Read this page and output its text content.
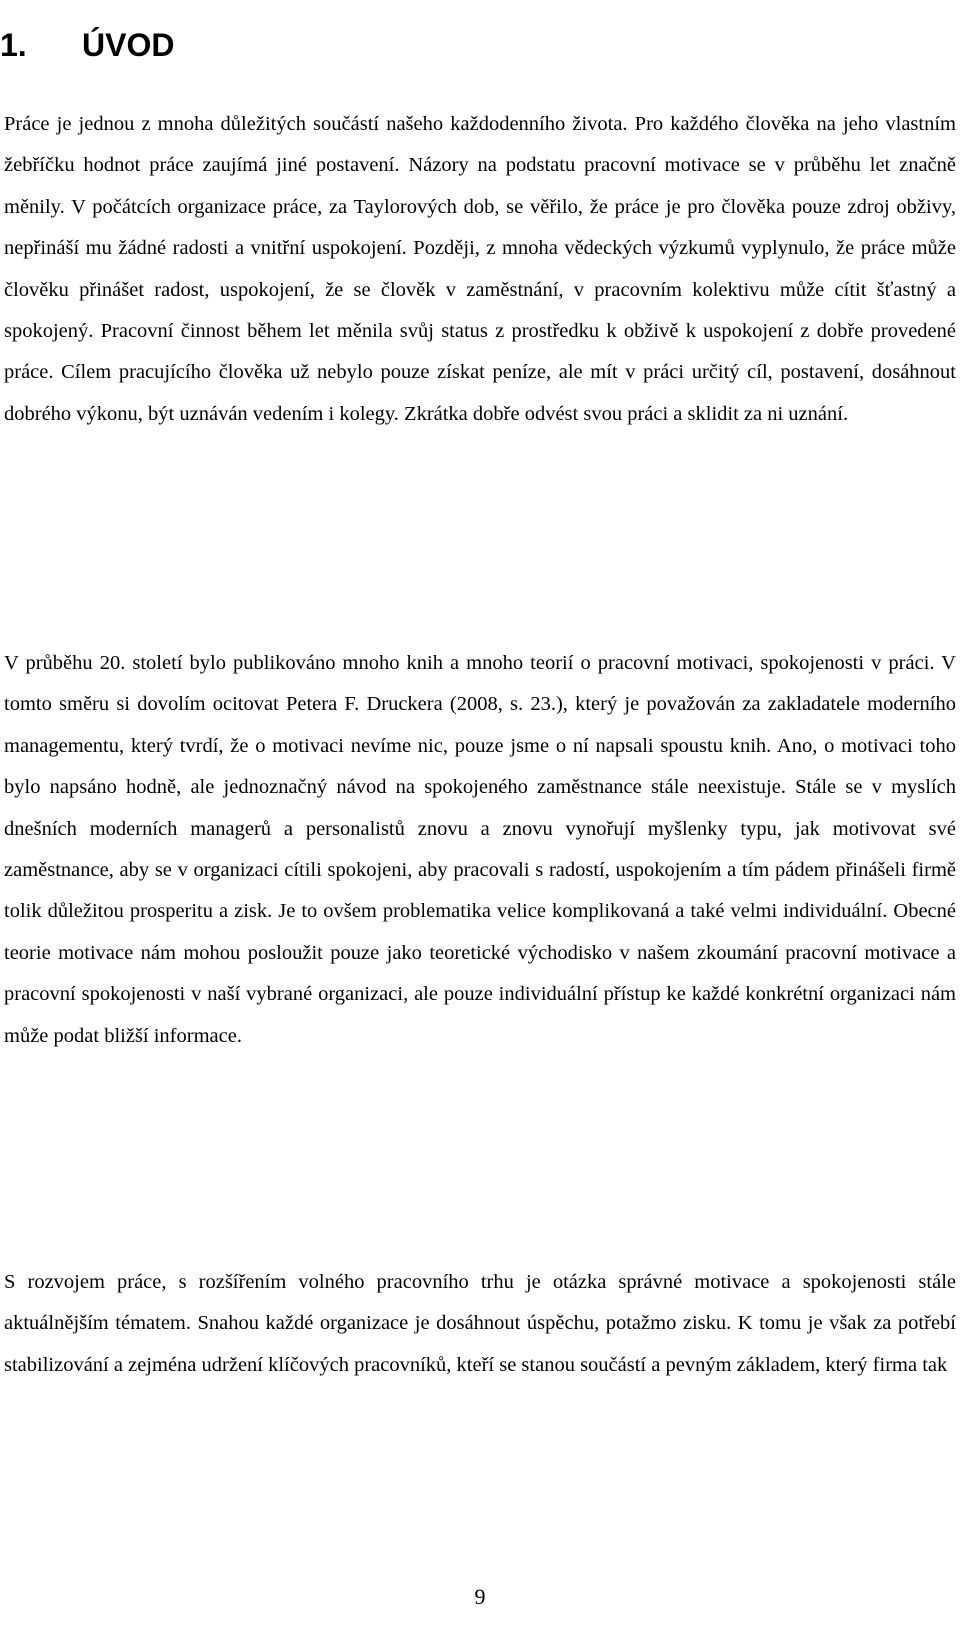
1.	ÚVOD

Práce je jednou z mnoha důležitých součástí našeho každodenního života. Pro každého člověka na jeho vlastním žebříčku hodnot práce zaujímá jiné postavení. Názory na podstatu pracovní motivace se v průběhu let značně měnily. V počátcích organizace práce, za Taylorových dob, se věřilo, že práce je pro člověka pouze zdroj obživy, nepřináší mu žádné radosti a vnitřní uspokojení. Později, z mnoha vědeckých výzkumů vyplynulo, že práce může člověku přinášet radost, uspokojení, že se člověk v zaměstnání, v pracovním kolektivu může cítit šťastný a spokojený. Pracovní činnost během let měnila svůj status z prostředku k obživě k uspokojení z dobře provedené práce. Cílem pracujícího člověka už nebylo pouze získat peníze, ale mít v práci určitý cíl, postavení, dosáhnout dobrého výkonu, být uznáván vedením i kolegy. Zkrátka dobře odvést svou práci a sklidit za ni uznání.

V průběhu 20. století bylo publikováno mnoho knih a mnoho teorií o pracovní motivaci, spokojenosti v práci. V tomto směru si dovolím ocitovat Petera F. Druckera (2008, s. 23.), který je považován za zakladatele moderního managementu, který tvrdí, že o motivaci nevíme nic, pouze jsme o ní napsali spoustu knih. Ano, o motivaci toho bylo napsáno hodně, ale jednoznačný návod na spokojeného zaměstnance stále neexistuje. Stále se v myslích dnešních moderních managerů a personalistů znovu a znovu vynořují myšlenky typu, jak motivovat své zaměstnance, aby se v organizaci cítili spokojeni, aby pracovali s radostí, uspokojením a tím pádem přinášeli firmě tolik důležitou prosperitu a zisk. Je to ovšem problematika velice komplikovaná a také velmi individuální. Obecné teorie motivace nám mohou posloužit pouze jako teoretické východisko v našem zkoumání pracovní motivace a pracovní spokojenosti v naší vybrané organizaci, ale pouze individuální přístup ke každé konkrétní organizaci nám může podat bližší informace.

S rozvojem práce, s rozšířením volného pracovního trhu je otázka správné motivace a spokojenosti stále aktuálnějším tématem. Snahou každé organizace je dosáhnout úspěchu, potažmo zisku. K tomu je však za potřebí stabilizování a zejména udržení klíčových pracovníků, kteří se stanou součástí a pevným základem, který firma tak

9
